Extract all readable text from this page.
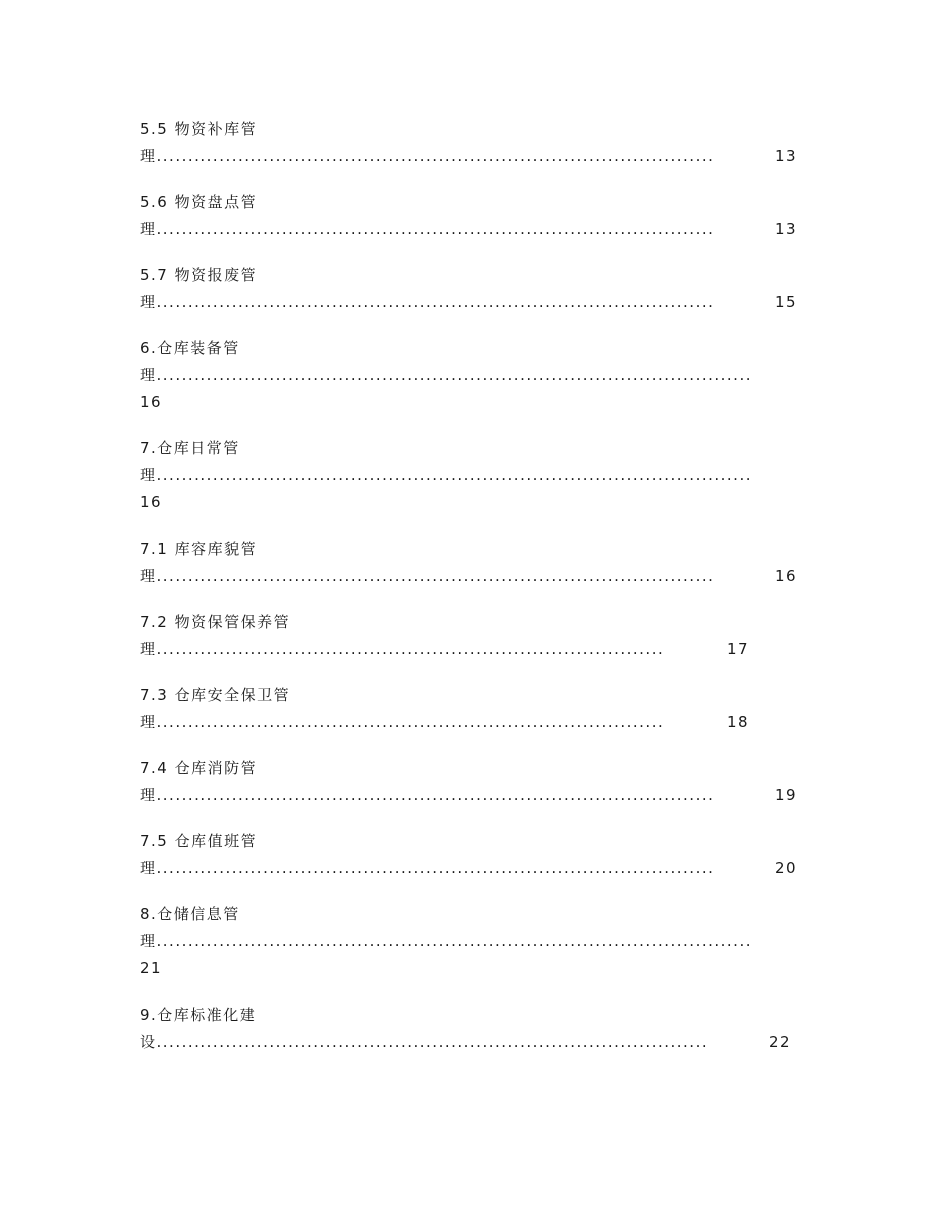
5.5 物资补库管
理.........................................................................................	13
5.6 物资盘点管
理.........................................................................................	13
5.7 物资报废管
理.........................................................................................	15
6.仓库装备管
理...............................................................................................
16
7.仓库日常管
理...............................................................................................
16
7.1 库容库貌管
理.........................................................................................	16
7.2 物资保管保养管
理.................................................................................	17
7.3 仓库安全保卫管
理.................................................................................	18
7.4 仓库消防管
理.........................................................................................	19
7.5 仓库值班管
理.........................................................................................	20
8.仓储信息管
理...............................................................................................
21
9.仓库标准化建
设........................................................................................	22
